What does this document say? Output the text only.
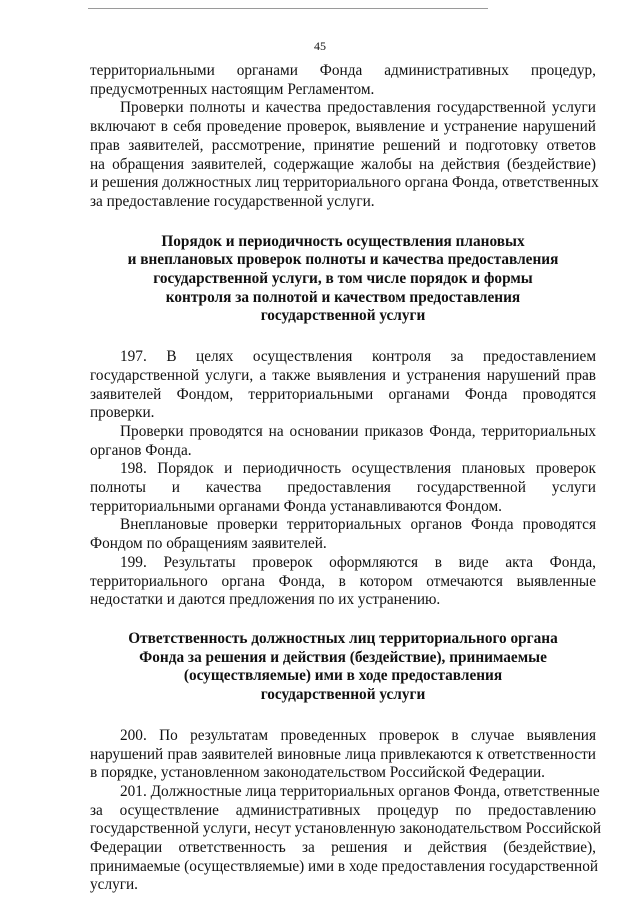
45
территориальными органами Фонда административных процедур,
предусмотренных настоящим Регламентом.
Проверки полноты и качества предоставления государственной услуги
включают в себя проведение проверок, выявление и устранение нарушений
прав заявителей, рассмотрение, принятие решений и подготовку ответов
на обращения заявителей, содержащие жалобы на действия (бездействие)
и решения должностных лиц территориального органа Фонда, ответственных
за предоставление государственной услуги.
Порядок и периодичность осуществления плановых
и внеплановых проверок полноты и качества предоставления
государственной услуги, в том числе порядок и формы
контроля за полнотой и качеством предоставления
государственной услуги
197. В целях осуществления контроля за предоставлением
государственной услуги, а также выявления и устранения нарушений прав
заявителей Фондом, территориальными органами Фонда проводятся
проверки.
Проверки проводятся на основании приказов Фонда, территориальных
органов Фонда.
198. Порядок и периодичность осуществления плановых проверок
полноты и качества предоставления государственной услуги
территориальными органами Фонда устанавливаются Фондом.
Внеплановые проверки территориальных органов Фонда проводятся
Фондом по обращениям заявителей.
199. Результаты проверок оформляются в виде акта Фонда,
территориального органа Фонда, в котором отмечаются выявленные
недостатки и даются предложения по их устранению.
Ответственность должностных лиц территориального органа
Фонда за решения и действия (бездействие), принимаемые
(осуществляемые) ими в ходе предоставления
государственной услуги
200. По результатам проведенных проверок в случае выявления
нарушений прав заявителей виновные лица привлекаются к ответственности
в порядке, установленном законодательством Российской Федерации.
201. Должностные лица территориальных органов Фонда, ответственные
за осуществление административных процедур по предоставлению
государственной услуги, несут установленную законодательством Российской
Федерации ответственность за решения и действия (бездействие),
принимаемые (осуществляемые) ими в ходе предоставления государственной
услуги.
